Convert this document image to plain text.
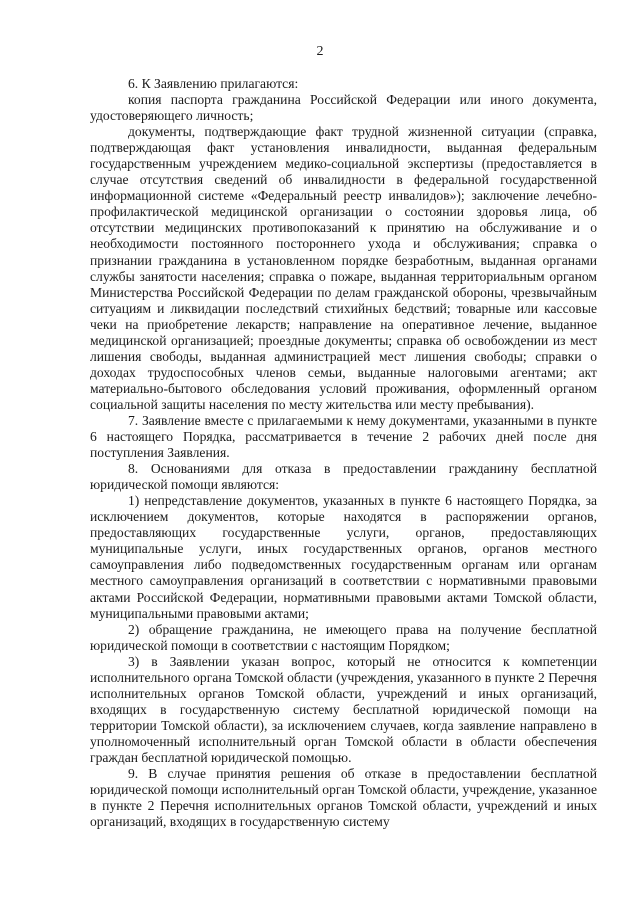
2

6. К Заявлению прилагаются:

копия паспорта гражданина Российской Федерации или иного документа, удостоверяющего личность;

документы, подтверждающие факт трудной жизненной ситуации (справка, подтверждающая факт установления инвалидности, выданная федеральным государственным учреждением медико-социальной экспертизы (предоставляется в случае отсутствия сведений об инвалидности в федеральной государственной информационной системе «Федеральный реестр инвалидов»); заключение лечебно-профилактической медицинской организации о состоянии здоровья лица, об отсутствии медицинских противопоказаний к принятию на обслуживание и о необходимости постоянного постороннего ухода и обслуживания; справка о признании гражданина в установленном порядке безработным, выданная органами службы занятости населения; справка о пожаре, выданная территориальным органом Министерства Российской Федерации по делам гражданской обороны, чрезвычайным ситуациям и ликвидации последствий стихийных бедствий; товарные или кассовые чеки на приобретение лекарств; направление на оперативное лечение, выданное медицинской организацией; проездные документы; справка об освобождении из мест лишения свободы, выданная администрацией мест лишения свободы; справки о доходах трудоспособных членов семьи, выданные налоговыми агентами; акт материально-бытового обследования условий проживания, оформленный органом социальной защиты населения по месту жительства или месту пребывания).

7. Заявление вместе с прилагаемыми к нему документами, указанными в пункте 6 настоящего Порядка, рассматривается в течение 2 рабочих дней после дня поступления Заявления.

8. Основаниями для отказа в предоставлении гражданину бесплатной юридической помощи являются:

1) непредставление документов, указанных в пункте 6 настоящего Порядка, за исключением документов, которые находятся в распоряжении органов, предоставляющих государственные услуги, органов, предоставляющих муниципальные услуги, иных государственных органов, органов местного самоуправления либо подведомственных государственным органам или органам местного самоуправления организаций в соответствии с нормативными правовыми актами Российской Федерации, нормативными правовыми актами Томской области, муниципальными правовыми актами;

2) обращение гражданина, не имеющего права на получение бесплатной юридической помощи в соответствии с настоящим Порядком;

3) в Заявлении указан вопрос, который не относится к компетенции исполнительного органа Томской области (учреждения, указанного в пункте 2 Перечня исполнительных органов Томской области, учреждений и иных организаций, входящих в государственную систему бесплатной юридической помощи на территории Томской области), за исключением случаев, когда заявление направлено в уполномоченный исполнительный орган Томской области в области обеспечения граждан бесплатной юридической помощью.

9. В случае принятия решения об отказе в предоставлении бесплатной юридической помощи исполнительный орган Томской области, учреждение, указанное в пункте 2 Перечня исполнительных органов Томской области, учреждений и иных организаций, входящих в государственную систему
